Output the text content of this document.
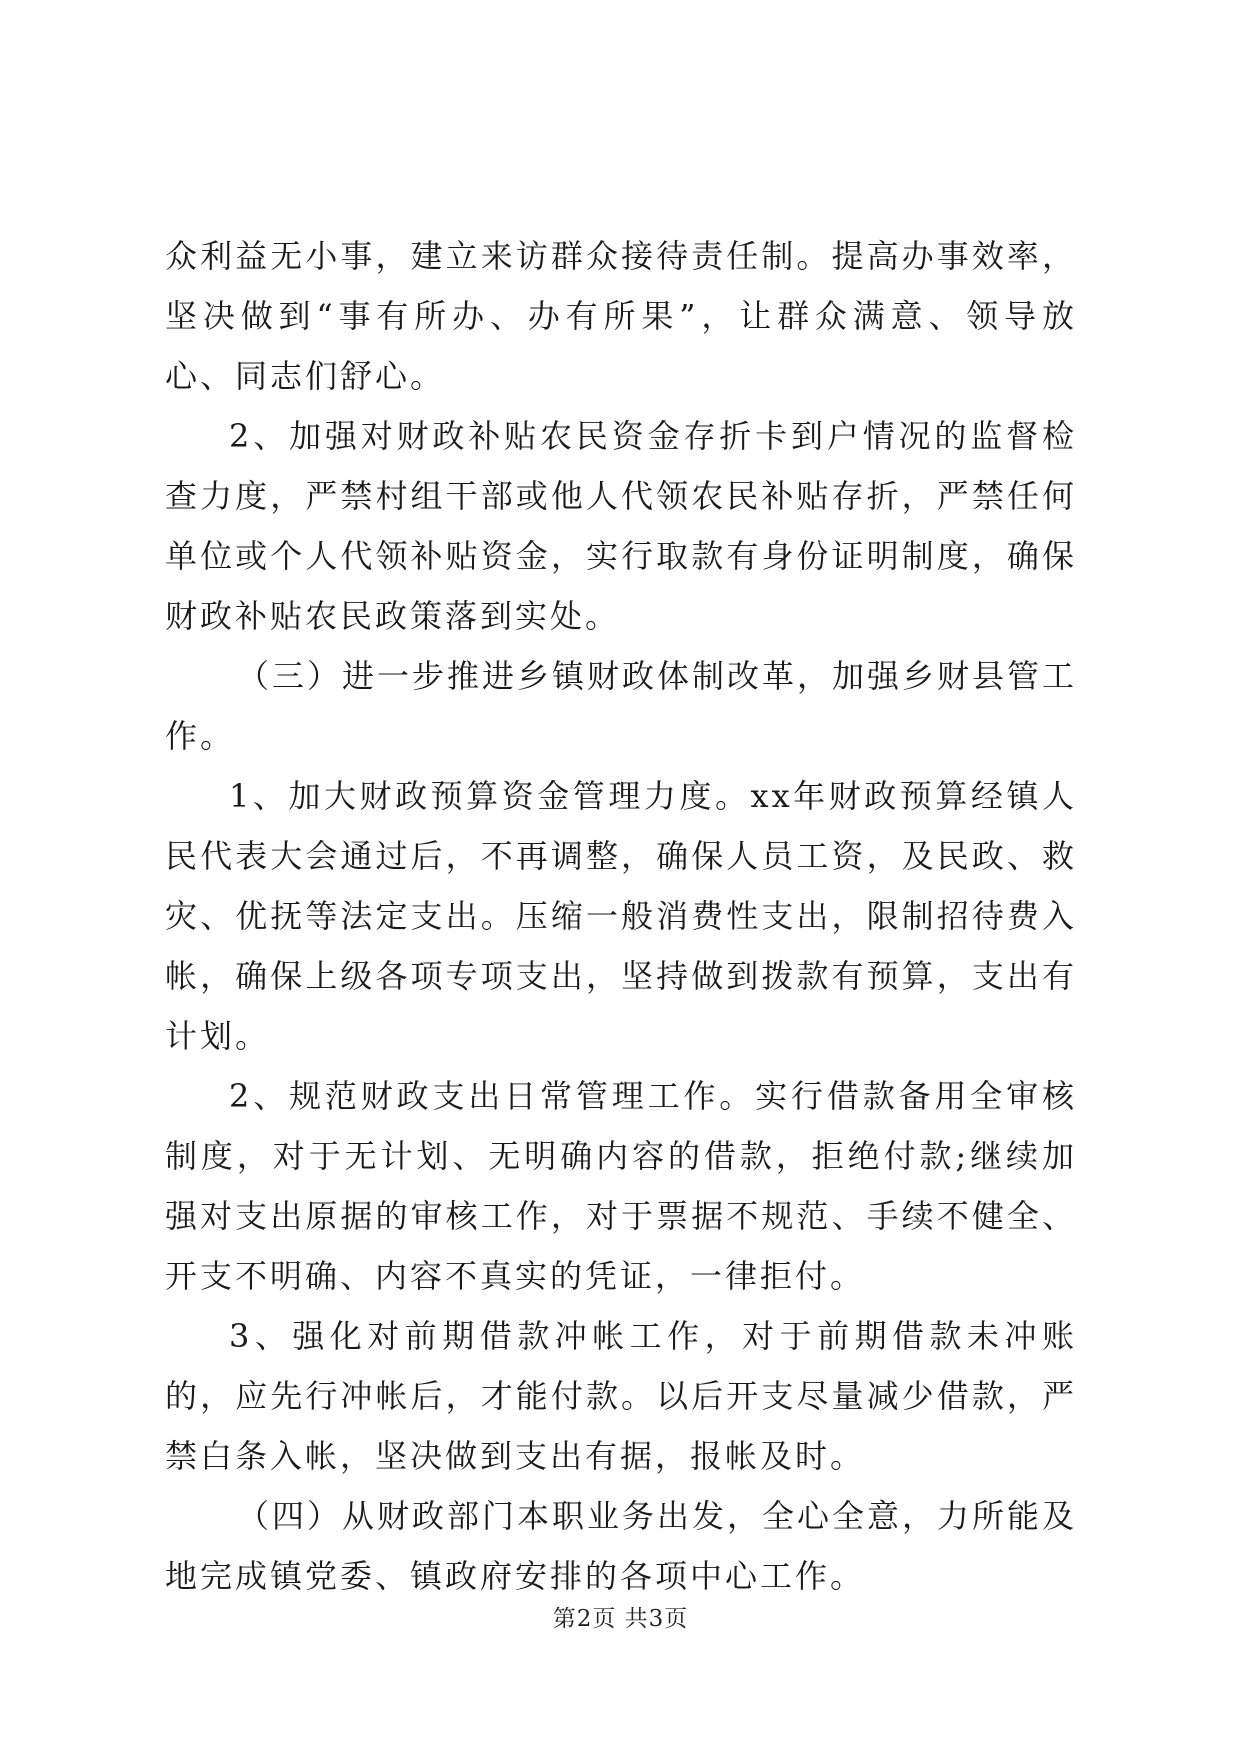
众利益无小事，建立来访群众接待责任制。提高办事效率，坚决做到“事有所办、办有所果”，让群众满意、领导放心、同志们舒心。

2、加强对财政补贴农民资金存折卡到户情况的监督检查力度，严禁村组干部或他人代领农民补贴存折，严禁任何单位或个人代领补贴资金，实行取款有身份证明制度，确保财政补贴农民政策落到实处。

（三）进一步推进乡镇财政体制改革，加强乡财县管工作。

1、加大财政预算资金管理力度。xx年财政预算经镇人民代表大会通过后，不再调整，确保人员工资，及民政、救灾、优抚等法定支出。压缩一般消费性支出，限制招待费入帐，确保上级各项专项支出，坚持做到拨款有预算，支出有计划。

2、规范财政支出日常管理工作。实行借款备用全审核制度，对于无计划、无明确内容的借款，拒绝付款;继续加强对支出原据的审核工作，对于票据不规范、手续不健全、开支不明确、内容不真实的凭证，一律拒付。

3、强化对前期借款冲帐工作，对于前期借款未冲账的，应先行冲帐后，才能付款。以后开支尽量减少借款，严禁白条入帐，坚决做到支出有据，报帐及时。

（四）从财政部门本职业务出发，全心全意，力所能及地完成镇党委、镇政府安排的各项中心工作。

第2页 共3页
